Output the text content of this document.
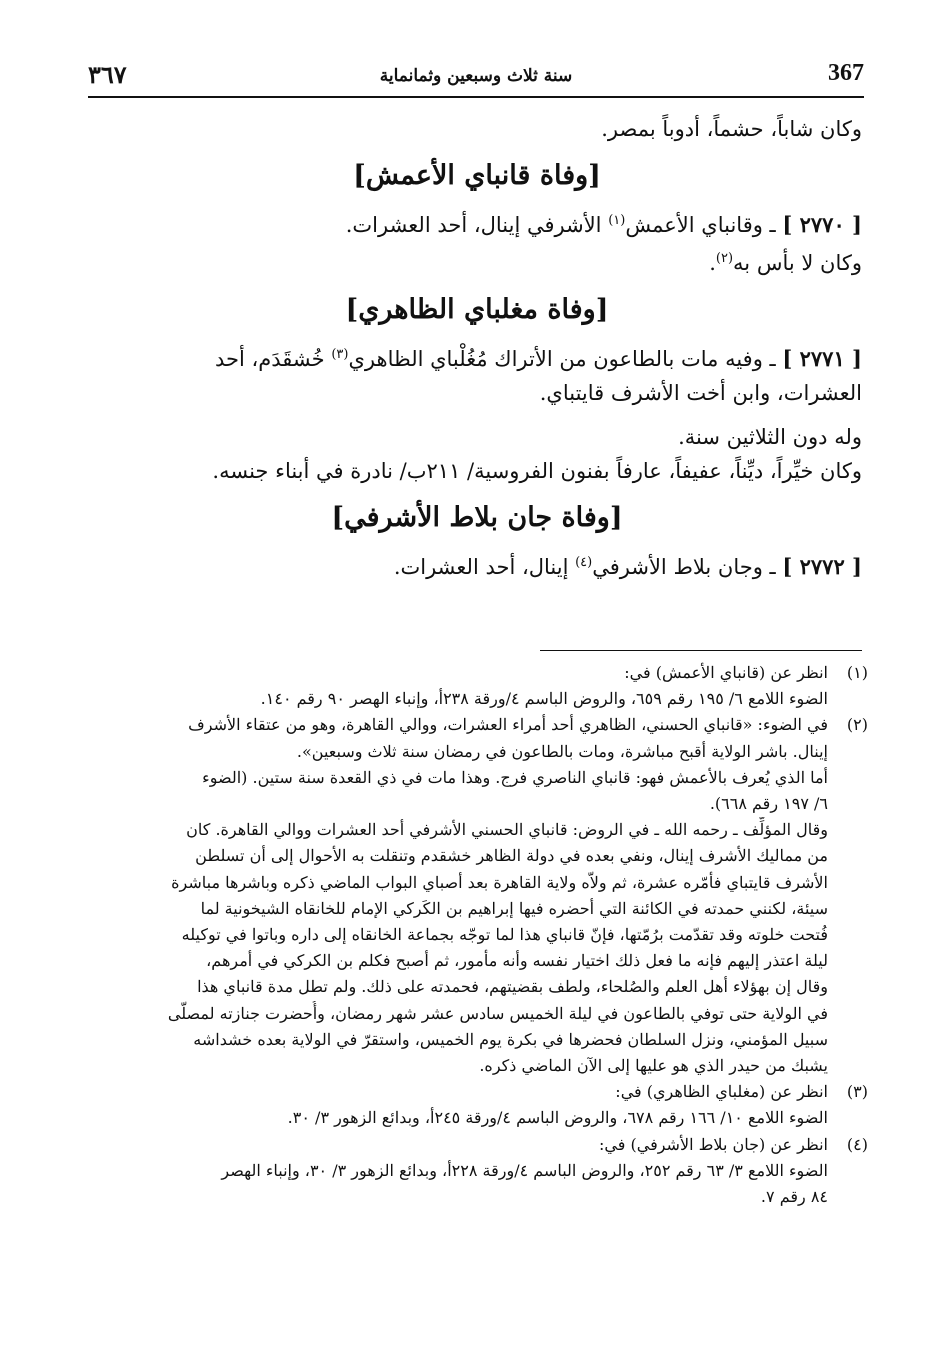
٣٦٧	سنة ثلاث وسبعين وثمانماية	367
وكان شاباً، حشماً، أدوباً بمصر.
[وفاة قانباي الأعمش]
[ ٢٧٧٠ ] ـ وقانباي الأعمش$^{(١)}$ الأشرفي إينال، أحد العشرات.
وكان لا بأس به$^{(٢)}$.
[وفاة مغلباي الظاهري]
[ ٢٧٧١ ] ـ وفيه مات بالطاعون من الأتراك مُغُلْباي الظاهري$^{(٣)}$ خُشقَدَم، أحد
العشرات، وابن أخت الأشرف قايتباي.
وله دون الثلاثين سنة.
وكان خيِّراً، ديِّناً، عفيفاً، عارفاً بفنون الفروسية/ ٢١١ب/ نادرة في أبناء جنسه.
[وفاة جان بلاط الأشرفي]
[ ٢٧٧٢ ] ـ وجان بلاط الأشرفي$^{(٤)}$ إينال، أحد العشرات.
(١)
انظر عن (قانباي الأعمش) في:
الضوء اللامع ٦/ ١٩٥ رقم ٦٥٩، والروض الباسم ٤/ورقة ٢٣٨أ، وإنباء الهصر ٩٠ رقم ١٤٠.
(٢)
في الضوء: «قانباي الحسني، الظاهري أحد أمراء العشرات، ووالي القاهرة، وهو من عتقاء الأشرف
إينال. باشر الولاية أقبح مباشرة، ومات بالطاعون في رمضان سنة ثلاث وسبعين».
أما الذي يُعرف بالأعمش فهو: قانباي الناصري فرج. وهذا مات في ذي القعدة سنة ستين. (الضوء
٦/ ١٩٧ رقم ٦٦٨).
وقال المؤلِّف ـ رحمه الله ـ في الروض: قانباي الحسني الأشرفي أحد العشرات ووالي القاهرة. كان
من مماليك الأشرف إينال، ونفي بعده في دولة الظاهر خشقدم وتنقلت به الأحوال إلى أن تسلطن
الأشرف قايتباي فأمّره عشرة، ثم ولاّه ولاية القاهرة بعد أصباي البواب الماضي ذكره وباشرها مباشرة
سيئة، لكنني حمدته في الكائنة التي أحضره فيها إبراهيم بن الكَركي الإمام للخانقاه الشيخونية لما
فُتحت خلوته وقد تقدّمت برُمّتها، فإنّ قانباي هذا لما توجّه بجماعة الخانقاه إلى داره وباتوا في توكيله
ليلة اعتذر إليهم فإنه ما فعل ذلك اختيار نفسه وأنه مأمور، ثم أصبح فكلم بن الكركي في أمرهم،
وقال إن بهؤلاء أهل العلم والصُلحاء، ولطف بقضيتهم، فحمدته على ذلك. ولم تطل مدة قانباي هذا
في الولاية حتى توفي بالطاعون في ليلة الخميس سادس عشر شهر رمضان، وأُحضرت جنازته لمصلّى
سبيل المؤمني، ونزل السلطان فحضرها في بكرة يوم الخميس، واستقرّ في الولاية بعده خشداشه
يشبك من حيدر الذي هو عليها إلى الآن الماضي ذكره.
(٣)
انظر عن (مغلباي الظاهري) في:
الضوء اللامع ١٠/ ١٦٦ رقم ٦٧٨، والروض الباسم ٤/ورقة ٢٤٥أ، وبدائع الزهور ٣/ ٣٠.
(٤)
انظر عن (جان بلاط الأشرفي) في:
الضوء اللامع ٣/ ٦٣ رقم ٢٥٢، والروض الباسم ٤/ورقة ٢٢٨أ، وبدائع الزهور ٣/ ٣٠، وإنباء الهصر
٨٤ رقم ٧.
